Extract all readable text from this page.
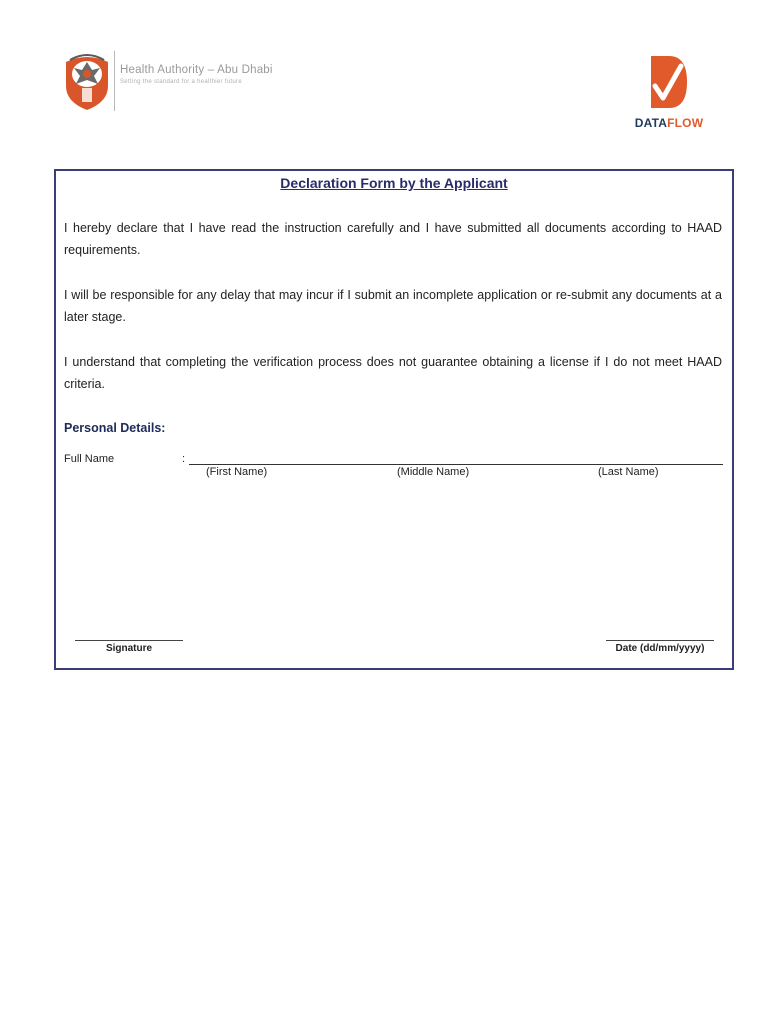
Health Authority – Abu Dhabi
Setting the standard for a healthier future
DATAFLOW
Declaration Form by the Applicant
I hereby declare that I have read the instruction carefully and I have submitted all documents according to HAAD requirements.
I will be responsible for any delay that may incur if I submit an incomplete application or re-submit any documents at a later stage.
I understand that completing the verification process does not guarantee obtaining a license if I do not meet HAAD criteria.
Personal Details:
Full Name	:
(First Name)	(Middle Name)	(Last Name)
Signature	Date (dd/mm/yyyy)
